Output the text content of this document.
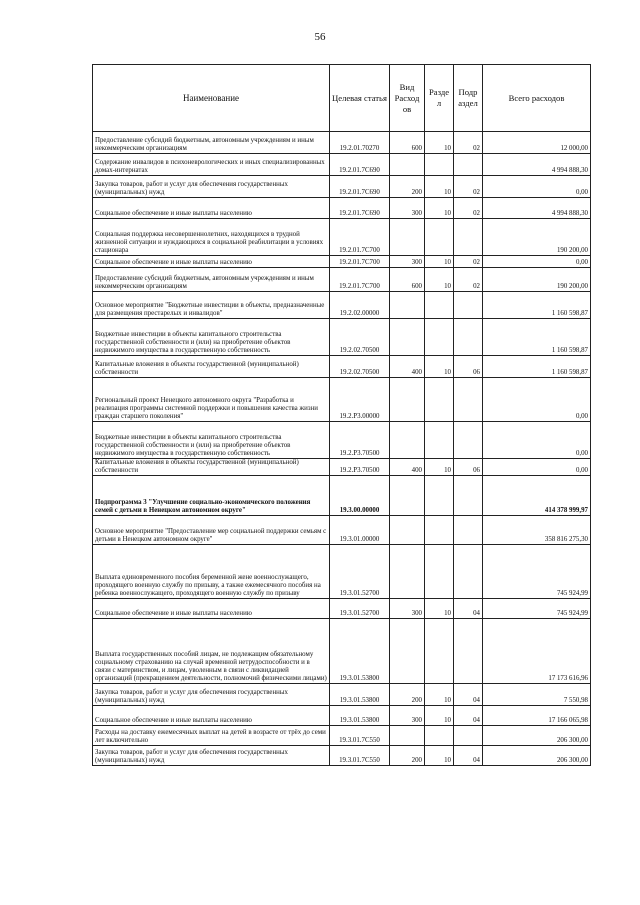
56
Наименование	Целевая статья	Вид Расход ов	Разде л	Подр аздел	Всего расходов
Предоставление субсидий бюджетным, автономным учреждениям и иным некоммерческим организациям	19.2.01.70270	600	10	02	12 000,00
Содержание инвалидов в психоневрологических и иных специализированных домах-интернатах	19.2.01.7С690				4 994 888,30
Закупка товаров, работ и услуг для обеспечения государственных (муниципальных) нужд	19.2.01.7С690	200	10	02	0,00
Социальное обеспечение и иные выплаты населению	19.2.01.7С690	300	10	02	4 994 888,30
Социальная поддержка несовершеннолетних, находящихся в трудной жизненной ситуации и нуждающихся в социальной реабилитации в условиях стационара	19.2.01.7С700				190 200,00
Социальное обеспечение и иные выплаты населению	19.2.01.7С700	300	10	02	0,00
Предоставление субсидий бюджетным, автономным учреждениям и иным некоммерческим организациям	19.2.01.7С700	600	10	02	190 200,00
Основное мероприятие "Бюджетные инвестиции в объекты, предназначенные для размещения престарелых и инвалидов"	19.2.02.00000				1 160 598,87
Бюджетные инвестиции в объекты капитального строительства государственной собственности и (или) на приобретение объектов недвижимого имущества в государственную собственность	19.2.02.70500				1 160 598,87
Капитальные вложения в объекты государственной (муниципальной) собственности	19.2.02.70500	400	10	06	1 160 598,87
Региональный проект Ненецкого автономного округа "Разработка и реализация программы системной поддержки и повышения качества жизни граждан старшего поколения"	19.2.Р3.00000				0,00
Бюджетные инвестиции в объекты капитального строительства государственной собственности и (или) на приобретение объектов недвижимого имущества в государственную собственность	19.2.Р3.70500				0,00
Капитальные вложения в объекты государственной (муниципальной) собственности	19.2.Р3.70500	400	10	06	0,00
Подпрограмма 3 "Улучшение социально-экономического положения семей с детьми в Ненецком автономном округе"	19.3.00.00000				414 378 999,97
Основное мероприятие "Предоставление мер социальной поддержки семьям с детьми в Ненецком автономном округе"	19.3.01.00000				358 816 275,30
Выплата единовременного пособия беременной жене военнослужащего, проходящего военную службу по призыву, а также ежемесячного пособия на ребенка военнослужащего, проходящего военную службу по призыву	19.3.01.52700				745 924,99
Социальное обеспечение и иные выплаты населению	19.3.01.52700	300	10	04	745 924,99
Выплата государственных пособий лицам, не подлежащим обязательному социальному страхованию на случай временной нетрудоспособности и в связи с материнством, и лицам, уволенным в связи с ликвидацией организаций (прекращением деятельности, полномочий физическими лицами)	19.3.01.53800				17 173 616,96
Закупка товаров, работ и услуг для обеспечения государственных (муниципальных) нужд	19.3.01.53800	200	10	04	7 550,98
Социальное обеспечение и иные выплаты населению	19.3.01.53800	300	10	04	17 166 065,98
Расходы на доставку ежемесячных выплат на детей в возрасте от трёх до семи лет включительно	19.3.01.7С550				206 300,00
Закупка товаров, работ и услуг для обеспечения государственных (муниципальных) нужд	19.3.01.7С550	200	10	04	206 300,00
